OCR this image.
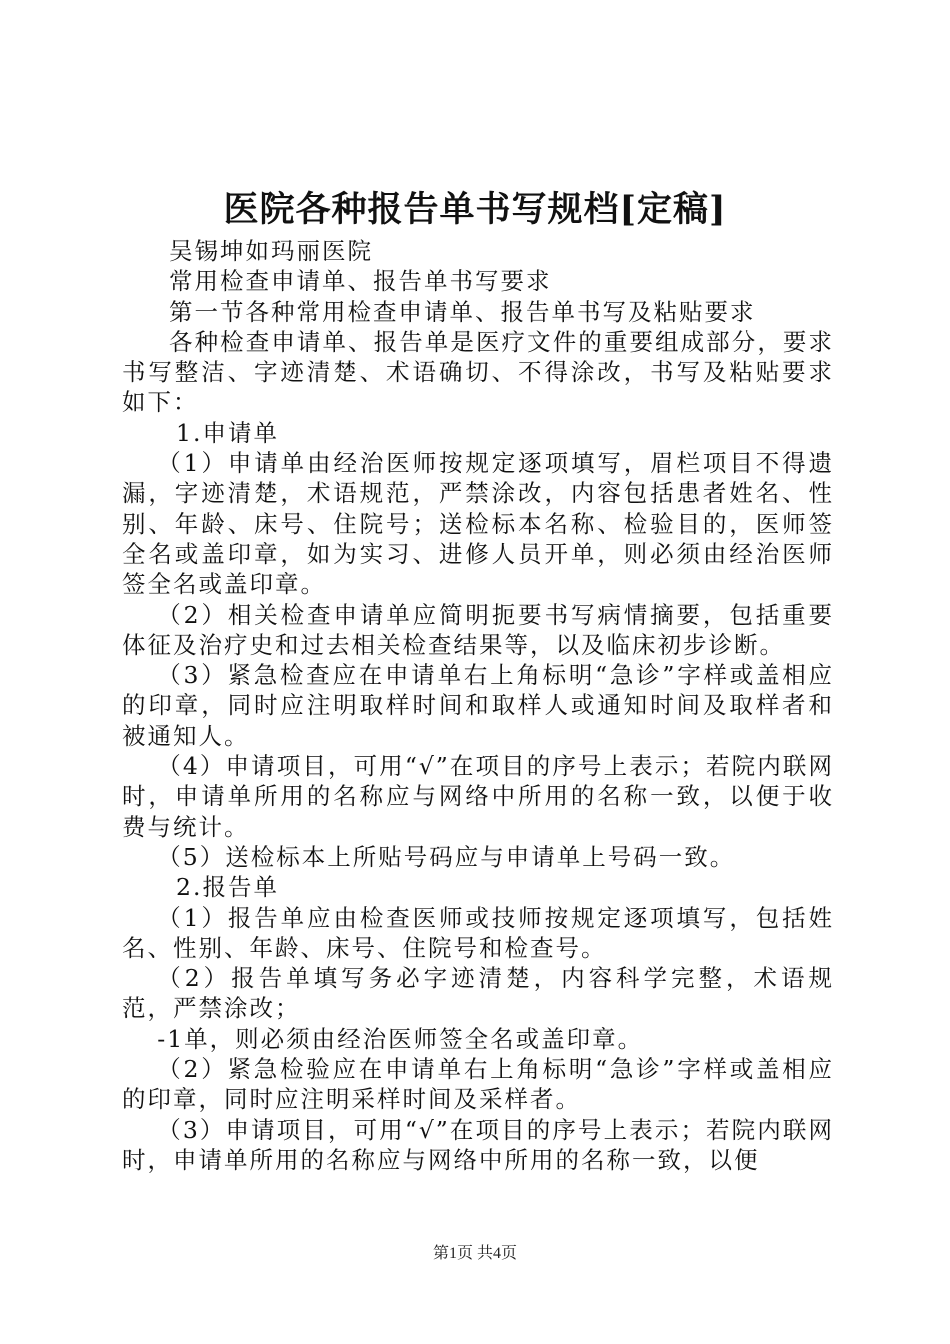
医院各种报告单书写规档[定稿]

吴锡坤如玛丽医院

常用检查申请单、报告单书写要求

第一节各种常用检查申请单、报告单书写及粘贴要求

各种检查申请单、报告单是医疗文件的重要组成部分，要求书写整洁、字迹清楚、术语确切、不得涂改，书写及粘贴要求如下：

1.申请单

（1）申请单由经治医师按规定逐项填写，眉栏项目不得遗漏，字迹清楚，术语规范，严禁涂改，内容包括患者姓名、性别、年龄、床号、住院号；送检标本名称、检验目的，医师签全名或盖印章，如为实习、进修人员开单，则必须由经治医师签全名或盖印章。

（2）相关检查申请单应简明扼要书写病情摘要，包括重要体征及治疗史和过去相关检查结果等，以及临床初步诊断。

（3）紧急检查应在申请单右上角标明“急诊”字样或盖相应的印章，同时应注明取样时间和取样人或通知时间及取样者和被通知人。

（4）申请项目，可用“√”在项目的序号上表示；若院内联网时，申请单所用的名称应与网络中所用的名称一致，以便于收费与统计。

（5）送检标本上所贴号码应与申请单上号码一致。

2.报告单

（1）报告单应由检查医师或技师按规定逐项填写，包括姓名、性别、年龄、床号、住院号和检查号。

（2）报告单填写务必字迹清楚，内容科学完整，术语规范，严禁涂改；

-1单，则必须由经治医师签全名或盖印章。

（2）紧急检验应在申请单右上角标明“急诊”字样或盖相应的印章，同时应注明采样时间及采样者。

（3）申请项目，可用“√”在项目的序号上表示；若院内联网时，申请单所用的名称应与网络中所用的名称一致，以便

第1页 共4页
